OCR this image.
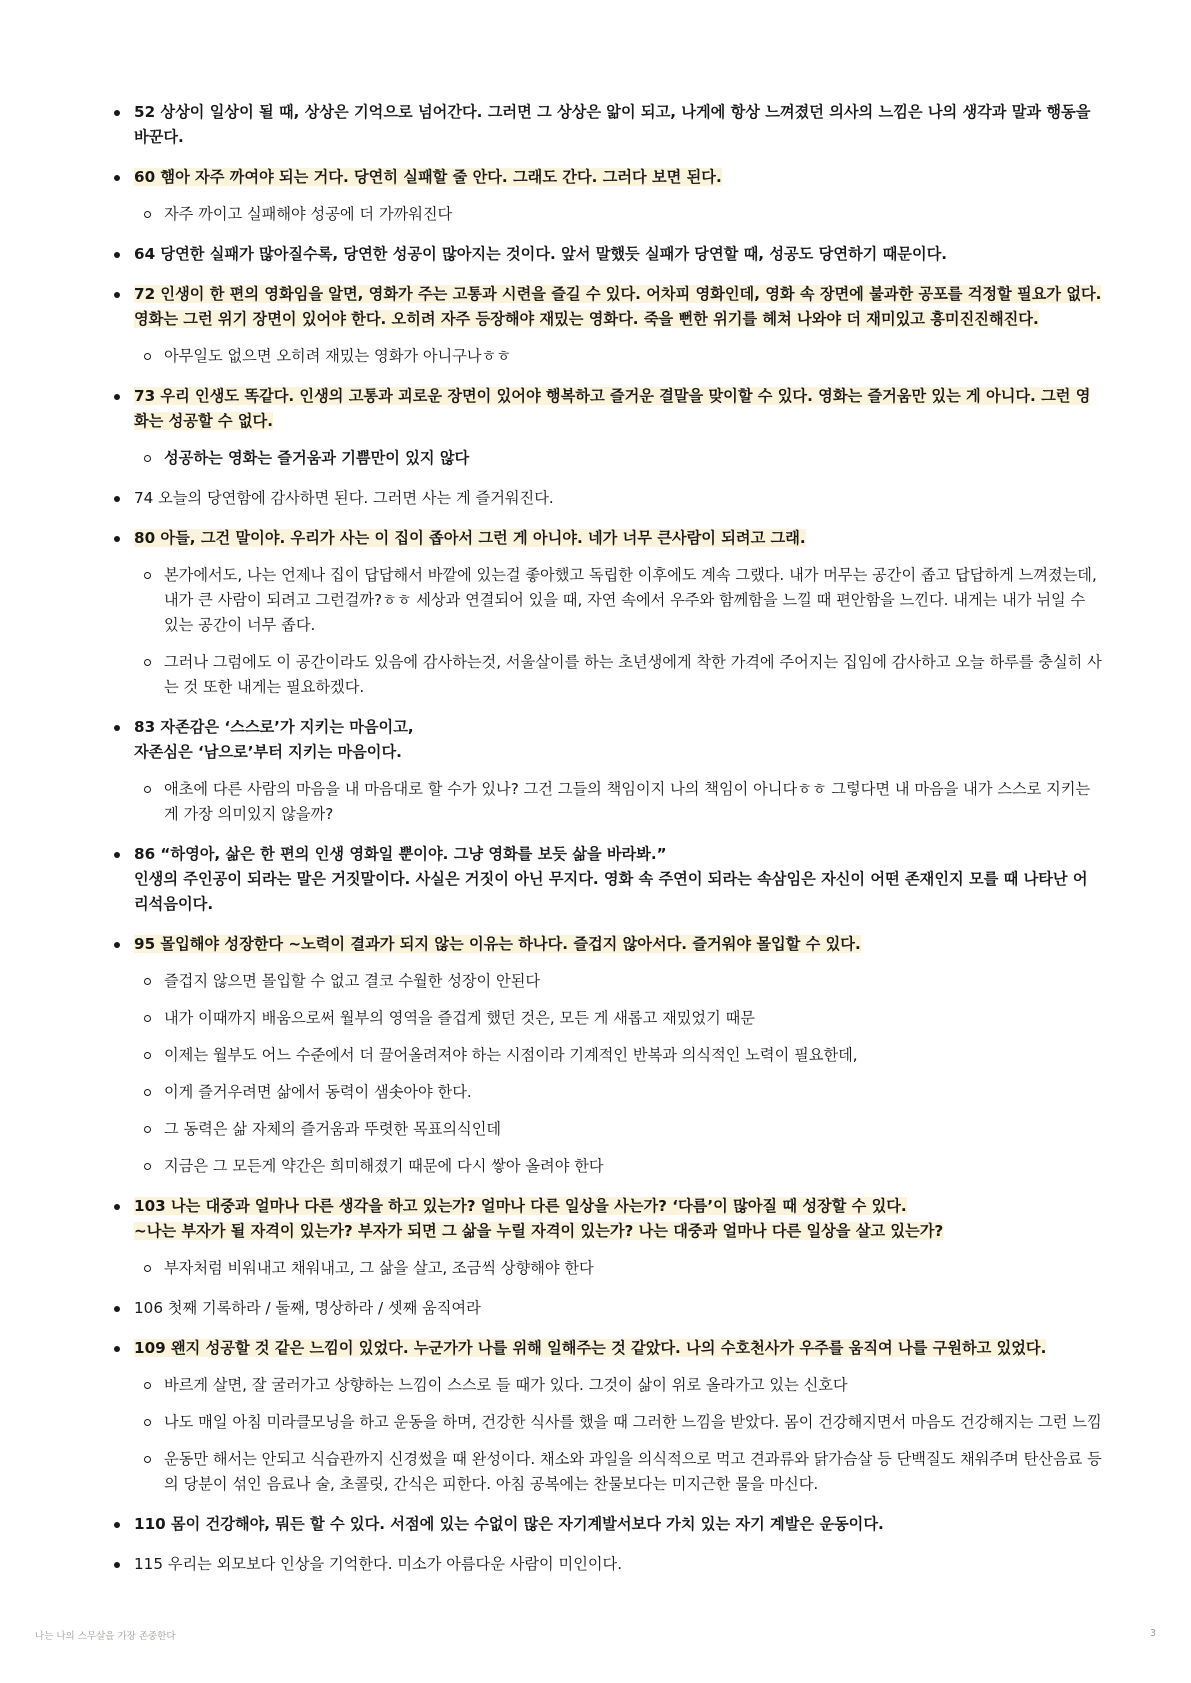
52 상상이 일상이 될 때, 상상은 기억으로 넘어간다. 그러면 그 상상은 앎이 되고, 나게에 항상 느껴졌던 의사의 느낌은 나의 생각과 말과 행동을 바꾼다.
60 햄아 자주 까여야 되는 거다. 당연히 실패할 줄 안다. 그래도 간다. 그러다 보면 된다.
자주 까이고 실패해야 성공에 더 가까워진다
64 당연한 실패가 많아질수록, 당연한 성공이 많아지는 것이다. 앞서 말했듯 실패가 당연할 때, 성공도 당연하기 때문이다.
72 인생이 한 편의 영화임을 알면, 영화가 주는 고통과 시련을 즐길 수 있다. 어차피 영화인데, 영화 속 장면에 불과한 공포를 걱정할 필요가 없다. 영화는 그런 위기 장면이 있어야 한다. 오히려 자주 등장해야 재밌는 영화다. 죽을 뻔한 위기를 헤쳐 나와야 더 재미있고 흥미진진해진다.
아무일도 없으면 오히려 재밌는 영화가 아니구나ㅎㅎ
73 우리 인생도 똑같다. 인생의 고통과 괴로운 장면이 있어야 행복하고 즐거운 결말을 맞이할 수 있다. 영화는 즐거움만 있는 게 아니다. 그런 영화는 성공할 수 없다.
성공하는 영화는 즐거움과 기쁨만이 있지 않다
74 오늘의 당연함에 감사하면 된다. 그러면 사는 게 즐거워진다.
80 아들, 그건 말이야. 우리가 사는 이 집이 좁아서 그런 게 아니야. 네가 너무 큰사람이 되려고 그래.
본가에서도, 나는 언제나 집이 답답해서 바깥에 있는걸 좋아했고 독립한 이후에도 계속 그랬다. 내가 머무는 공간이 좁고 답답하게 느껴졌는데, 내가 큰 사람이 되려고 그런걸까?ㅎㅎ 세상과 연결되어 있을 때, 자연 속에서 우주와 함께함을 느낄 때 편안함을 느낀다. 내게는 내가 뉘일 수 있는 공간이 너무 좁다.
그러나 그럼에도 이 공간이라도 있음에 감사하는것, 서울살이를 하는 초년생에게 착한 가격에 주어지는 집임에 감사하고 오늘 하루를 충실히 사는 것 또한 내게는 필요하겠다.
83 자존감은 ‘스스로’가 지키는 마음이고,
자존심은 ‘남으로’부터 지키는 마음이다.
애초에 다른 사람의 마음을 내 마음대로 할 수가 있나? 그건 그들의 책임이지 나의 책임이 아니다ㅎㅎ 그렇다면 내 마음을 내가 스스로 지키는 게 가장 의미있지 않을까?
86 “하영아, 삶은 한 편의 인생 영화일 뿐이야. 그냥 영화를 보듯 삶을 바라봐.”
인생의 주인공이 되라는 말은 거짓말이다. 사실은 거짓이 아닌 무지다. 영화 속 주연이 되라는 속삼임은 자신이 어떤 존재인지 모를 때 나타난 어리석음이다.
95 몰입해야 성장한다 ~노력이 결과가 되지 않는 이유는 하나다. 즐겁지 않아서다. 즐거워야 몰입할 수 있다.
즐겁지 않으면 몰입할 수 없고 결코 수월한 성장이 안된다
내가 이때까지 배움으로써 월부의 영역을 즐겁게 했던 것은, 모든 게 새롭고 재밌었기 때문
이제는 월부도 어느 수준에서 더 끌어올려져야 하는 시점이라 기계적인 반복과 의식적인 노력이 필요한데,
이게 즐거우려면 삶에서 동력이 샘솟아야 한다.
그 동력은 삶 자체의 즐거움과 뚜렷한 목표의식인데
지금은 그 모든게 약간은 희미해졌기 때문에 다시 쌓아 올려야 한다
103 나는 대중과 얼마나 다른 생각을 하고 있는가? 얼마나 다른 일상을 사는가? ‘다름’이 많아질 때 성장할 수 있다.
~나는 부자가 될 자격이 있는가? 부자가 되면 그 삶을 누릴 자격이 있는가? 나는 대중과 얼마나 다른 일상을 살고 있는가?
부자처럼 비워내고 채워내고, 그 삶을 살고, 조금씩 상향해야 한다
106 첫째 기록하라 / 둘째, 명상하라 / 셋째 움직여라
109 왠지 성공할 것 같은 느낌이 있었다. 누군가가 나를 위해 일해주는 것 같았다. 나의 수호천사가 우주를 움직여 나를 구원하고 있었다.
바르게 살면, 잘 굴러가고 상향하는 느낌이 스스로 들 때가 있다. 그것이 삶이 위로 올라가고 있는 신호다
나도 매일 아침 미라클모닝을 하고 운동을 하며, 건강한 식사를 했을 때 그러한 느낌을 받았다. 몸이 건강해지면서 마음도 건강해지는 그런 느낌
운동만 해서는 안되고 식습관까지 신경썼을 때 완성이다. 채소와 과일을 의식적으로 먹고 견과류와 닭가슴살 등 단백질도 채워주며 탄산음료 등의 당분이 섞인 음료나 술, 초콜릿, 간식은 피한다. 아침 공복에는 찬물보다는 미지근한 물을 마신다.
110 몸이 건강해야, 뭐든 할 수 있다. 서점에 있는 수없이 많은 자기계발서보다 가치 있는 자기 계발은 운동이다.
115 우리는 외모보다 인상을 기억한다. 미소가 아름다운 사람이 미인이다.
나는 나의 스무살을 가장 존중한다	3
